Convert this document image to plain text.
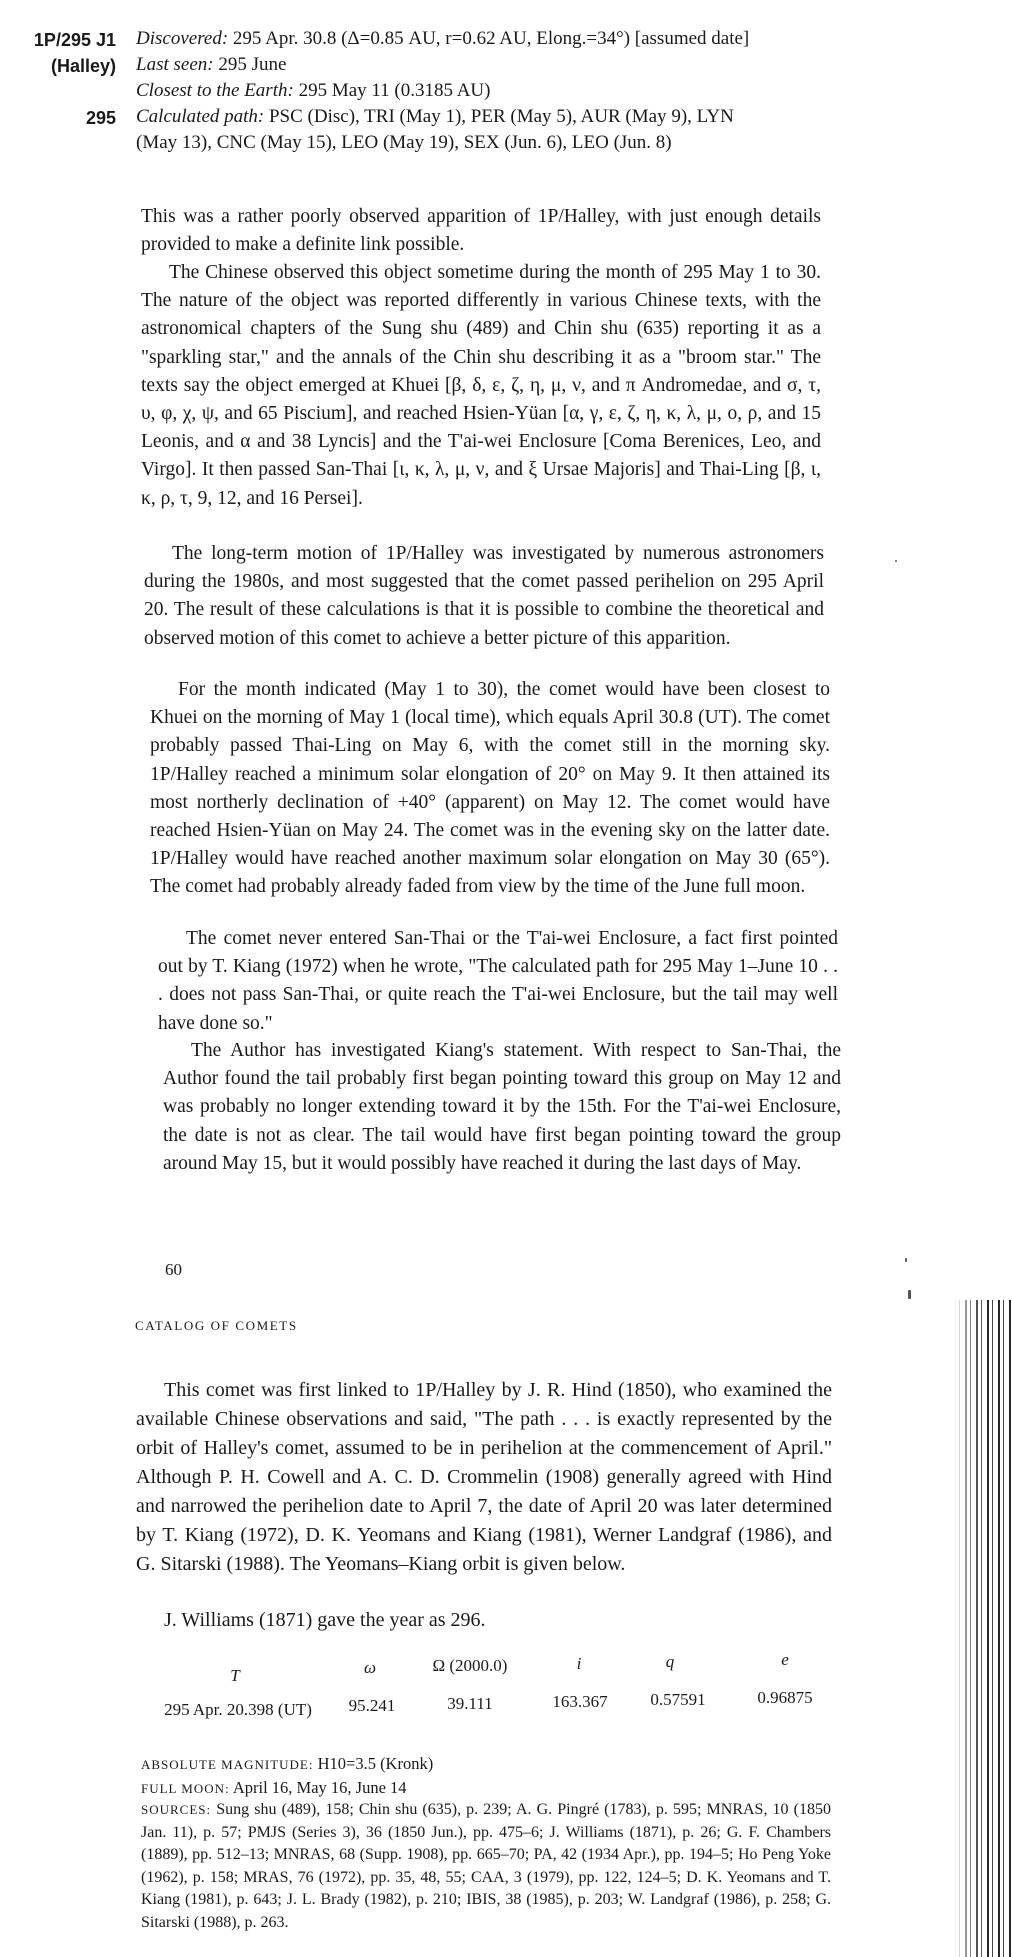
1P/295 J1
(Halley)
295
Discovered: 295 Apr. 30.8 (Δ=0.85 AU, r=0.62 AU, Elong.=34°) [assumed date]
Last seen: 295 June
Closest to the Earth: 295 May 11 (0.3185 AU)
Calculated path: PSC (Disc), TRI (May 1), PER (May 5), AUR (May 9), LYN
(May 13), CNC (May 15), LEO (May 19), SEX (Jun. 6), LEO (Jun. 8)
This was a rather poorly observed apparition of 1P/Halley, with just enough details provided to make a definite link possible.
The Chinese observed this object sometime during the month of 295 May 1 to 30. The nature of the object was reported differently in various Chinese texts, with the astronomical chapters of the Sung shu (489) and Chin shu (635) reporting it as a "sparkling star," and the annals of the Chin shu describing it as a "broom star." The texts say the object emerged at Khuei [β, δ, ε, ζ, η, μ, ν, and π Andromedae, and σ, τ, υ, φ, χ, ψ, and 65 Piscium], and reached Hsien-Yüan [α, γ, ε, ζ, η, κ, λ, μ, ο, ρ, and 15 Leonis, and α and 38 Lyncis] and the T'ai-wei Enclosure [Coma Berenices, Leo, and Virgo]. It then passed San-Thai [ι, κ, λ, μ, ν, and ξ Ursae Majoris] and Thai-Ling [β, ι, κ, ρ, τ, 9, 12, and 16 Persei].
The long-term motion of 1P/Halley was investigated by numerous astronomers during the 1980s, and most suggested that the comet passed perihelion on 295 April 20. The result of these calculations is that it is possible to combine the theoretical and observed motion of this comet to achieve a better picture of this apparition.
For the month indicated (May 1 to 30), the comet would have been closest to Khuei on the morning of May 1 (local time), which equals April 30.8 (UT). The comet probably passed Thai-Ling on May 6, with the comet still in the morning sky. 1P/Halley reached a minimum solar elongation of 20° on May 9. It then attained its most northerly declination of +40° (apparent) on May 12. The comet would have reached Hsien-Yüan on May 24. The comet was in the evening sky on the latter date. 1P/Halley would have reached another maximum solar elongation on May 30 (65°). The comet had probably already faded from view by the time of the June full moon.
The comet never entered San-Thai or the T'ai-wei Enclosure, a fact first pointed out by T. Kiang (1972) when he wrote, "The calculated path for 295 May 1–June 10 . . . does not pass San-Thai, or quite reach the T'ai-wei Enclosure, but the tail may well have done so."
The Author has investigated Kiang's statement. With respect to San-Thai, the Author found the tail probably first began pointing toward this group on May 12 and was probably no longer extending toward it by the 15th. For the T'ai-wei Enclosure, the date is not as clear. The tail would have first began pointing toward the group around May 15, but it would possibly have reached it during the last days of May.
60
CATALOG OF COMETS
This comet was first linked to 1P/Halley by J. R. Hind (1850), who examined the available Chinese observations and said, "The path . . . is exactly represented by the orbit of Halley's comet, assumed to be in perihelion at the commencement of April." Although P. H. Cowell and A. C. D. Crommelin (1908) generally agreed with Hind and narrowed the perihelion date to April 7, the date of April 20 was later determined by T. Kiang (1972), D. K. Yeomans and Kiang (1981), Werner Landgraf (1986), and G. Sitarski (1988). The Yeomans–Kiang orbit is given below.
J. Williams (1871) gave the year as 296.
T	ω	Ω (2000.0)	i	q	e
295 Apr. 20.398 (UT)	95.241	39.111	163.367	0.57591	0.96875
ABSOLUTE MAGNITUDE: H10=3.5 (Kronk)
FULL MOON: April 16, May 16, June 14
SOURCES: Sung shu (489), 158; Chin shu (635), p. 239; A. G. Pingré (1783), p. 595; MNRAS, 10 (1850 Jan. 11), p. 57; PMJS (Series 3), 36 (1850 Jun.), pp. 475–6; J. Williams (1871), p. 26; G. F. Chambers (1889), pp. 512–13; MNRAS, 68 (Supp. 1908), pp. 665–70; PA, 42 (1934 Apr.), pp. 194–5; Ho Peng Yoke (1962), p. 158; MRAS, 76 (1972), pp. 35, 48, 55; CAA, 3 (1979), pp. 122, 124–5; D. K. Yeomans and T. Kiang (1981), p. 643; J. L. Brady (1982), p. 210; IBIS, 38 (1985), p. 203; W. Landgraf (1986), p. 258; G. Sitarski (1988), p. 263.
